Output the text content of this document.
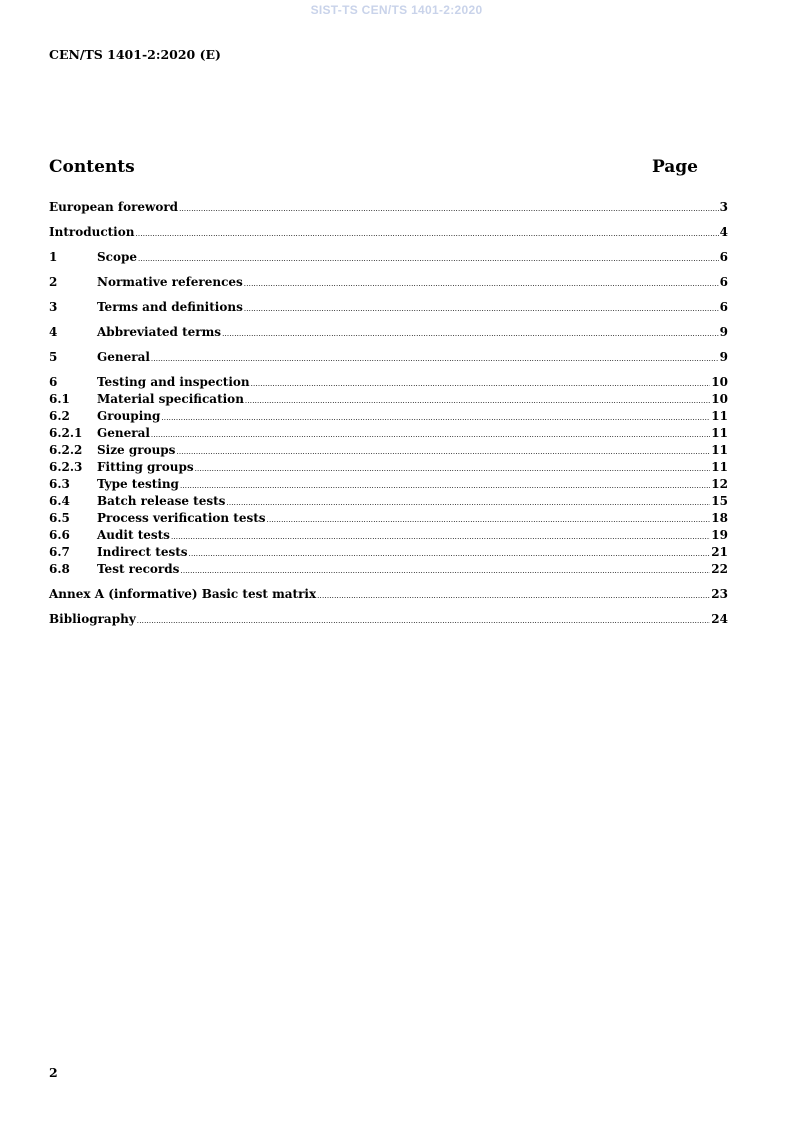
SIST-TS CEN/TS 1401-2:2020
CEN/TS 1401-2:2020 (E)
Contents	Page
European foreword .....	3
Introduction .....	4
1	Scope .....	6
2	Normative references .....	6
3	Terms and definitions .....	6
4	Abbreviated terms .....	9
5	General .....	9
6	Testing and inspection .....	10
6.1	Material specification .....	10
6.2	Grouping .....	11
6.2.1	General .....	11
6.2.2	Size groups .....	11
6.2.3	Fitting groups .....	11
6.3	Type testing .....	12
6.4	Batch release tests .....	15
6.5	Process verification tests .....	18
6.6	Audit tests .....	19
6.7	Indirect tests .....	21
6.8	Test records .....	22
Annex A (informative) Basic test matrix .....	23
Bibliography .....	24
2
